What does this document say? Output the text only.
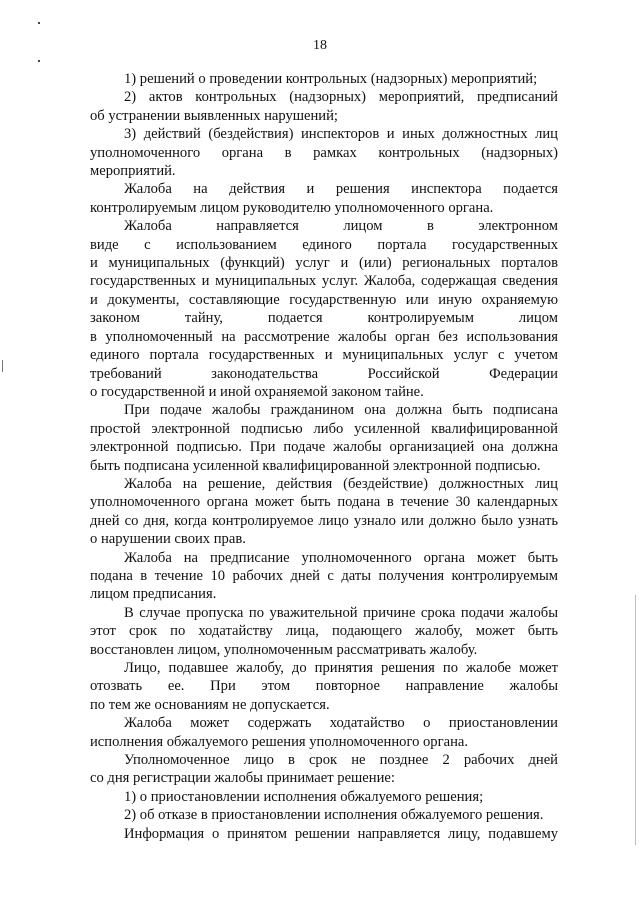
18
1) решений о проведении контрольных (надзорных) мероприятий;
2) актов контрольных (надзорных) мероприятий, предписаний
об устранении выявленных нарушений;
3) действий (бездействия) инспекторов и иных должностных лиц
уполномоченного органа в рамках контрольных (надзорных)
мероприятий.
Жалоба на действия и решения инспектора подается
контролируемым лицом руководителю уполномоченного органа.
Жалоба направляется лицом в электронном
виде с использованием единого портала государственных
и муниципальных (функций) услуг и (или) региональных порталов
государственных и муниципальных услуг. Жалоба, содержащая сведения
и документы, составляющие государственную или иную охраняемую
законом тайну, подается контролируемым лицом
в уполномоченный на рассмотрение жалобы орган без использования
единого портала государственных и муниципальных услуг с учетом
требований законодательства Российской Федерации
о государственной и иной охраняемой законом тайне.
При подаче жалобы гражданином она должна быть подписана
простой электронной подписью либо усиленной квалифицированной
электронной подписью. При подаче жалобы организацией она должна
быть подписана усиленной квалифицированной электронной подписью.
Жалоба на решение, действия (бездействие) должностных лиц
уполномоченного органа может быть подана в течение 30 календарных
дней со дня, когда контролируемое лицо узнало или должно было узнать
о нарушении своих прав.
Жалоба на предписание уполномоченного органа может быть
подана в течение 10 рабочих дней с даты получения контролируемым
лицом предписания.
В случае пропуска по уважительной причине срока подачи жалобы
этот срок по ходатайству лица, подающего жалобу, может быть
восстановлен лицом, уполномоченным рассматривать жалобу.
Лицо, подавшее жалобу, до принятия решения по жалобе может
отозвать ее. При этом повторное направление жалобы
по тем же основаниям не допускается.
Жалоба может содержать ходатайство о приостановлении
исполнения обжалуемого решения уполномоченного органа.
Уполномоченное лицо в срок не позднее 2 рабочих дней
со дня регистрации жалобы принимает решение:
1) о приостановлении исполнения обжалуемого решения;
2) об отказе в приостановлении исполнения обжалуемого решения.
Информация о принятом решении направляется лицу, подавшему
